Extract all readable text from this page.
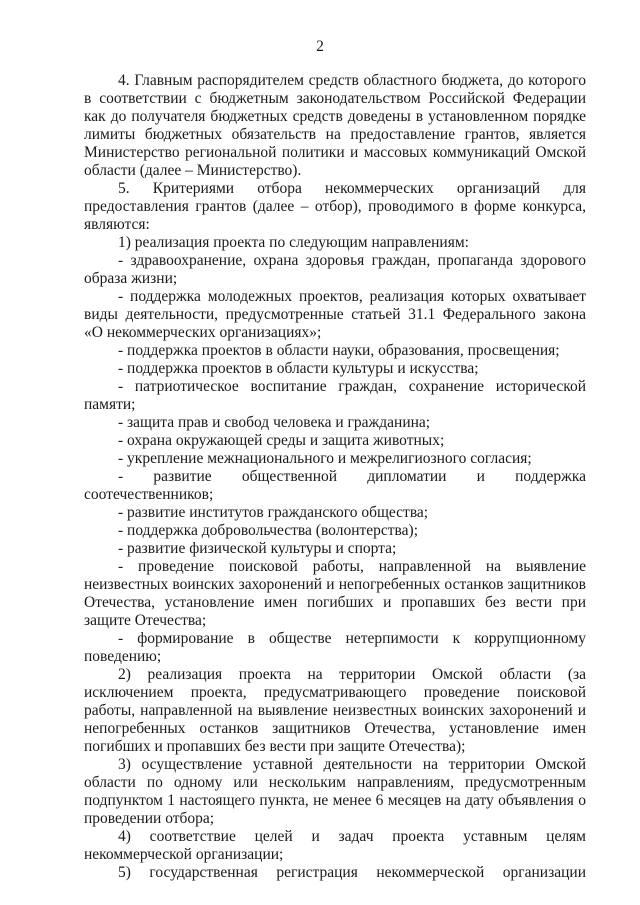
2

4. Главным распорядителем средств областного бюджета, до которого в соответствии с бюджетным законодательством Российской Федерации как до получателя бюджетных средств доведены в установленном порядке лимиты бюджетных обязательств на предоставление грантов, является Министерство региональной политики и массовых коммуникаций Омской области (далее – Министерство).

5. Критериями отбора некоммерческих организаций для предоставления грантов (далее – отбор), проводимого в форме конкурса, являются:

1) реализация проекта по следующим направлениям:

- здравоохранение, охрана здоровья граждан, пропаганда здорового образа жизни;

- поддержка молодежных проектов, реализация которых охватывает виды деятельности, предусмотренные статьей 31.1 Федерального закона «О некоммерческих организациях»;

- поддержка проектов в области науки, образования, просвещения;

- поддержка проектов в области культуры и искусства;

- патриотическое воспитание граждан, сохранение исторической памяти;

- защита прав и свобод человека и гражданина;

- охрана окружающей среды и защита животных;

- укрепление межнационального и межрелигиозного согласия;

- развитие общественной дипломатии и поддержка соотечественников;

- развитие институтов гражданского общества;

- поддержка добровольчества (волонтерства);

- развитие физической культуры и спорта;

- проведение поисковой работы, направленной на выявление неизвестных воинских захоронений и непогребенных останков защитников Отечества, установление имен погибших и пропавших без вести при защите Отечества;

- формирование в обществе нетерпимости к коррупционному поведению;

2) реализация проекта на территории Омской области (за исключением проекта, предусматривающего проведение поисковой работы, направленной на выявление неизвестных воинских захоронений и непогребенных останков защитников Отечества, установление имен погибших и пропавших без вести при защите Отечества);

3) осуществление уставной деятельности на территории Омской области по одному или нескольким направлениям, предусмотренным подпунктом 1 настоящего пункта, не менее 6 месяцев на дату объявления о проведении отбора;

4) соответствие целей и задач проекта уставным целям некоммерческой организации;

5) государственная регистрация некоммерческой организации
